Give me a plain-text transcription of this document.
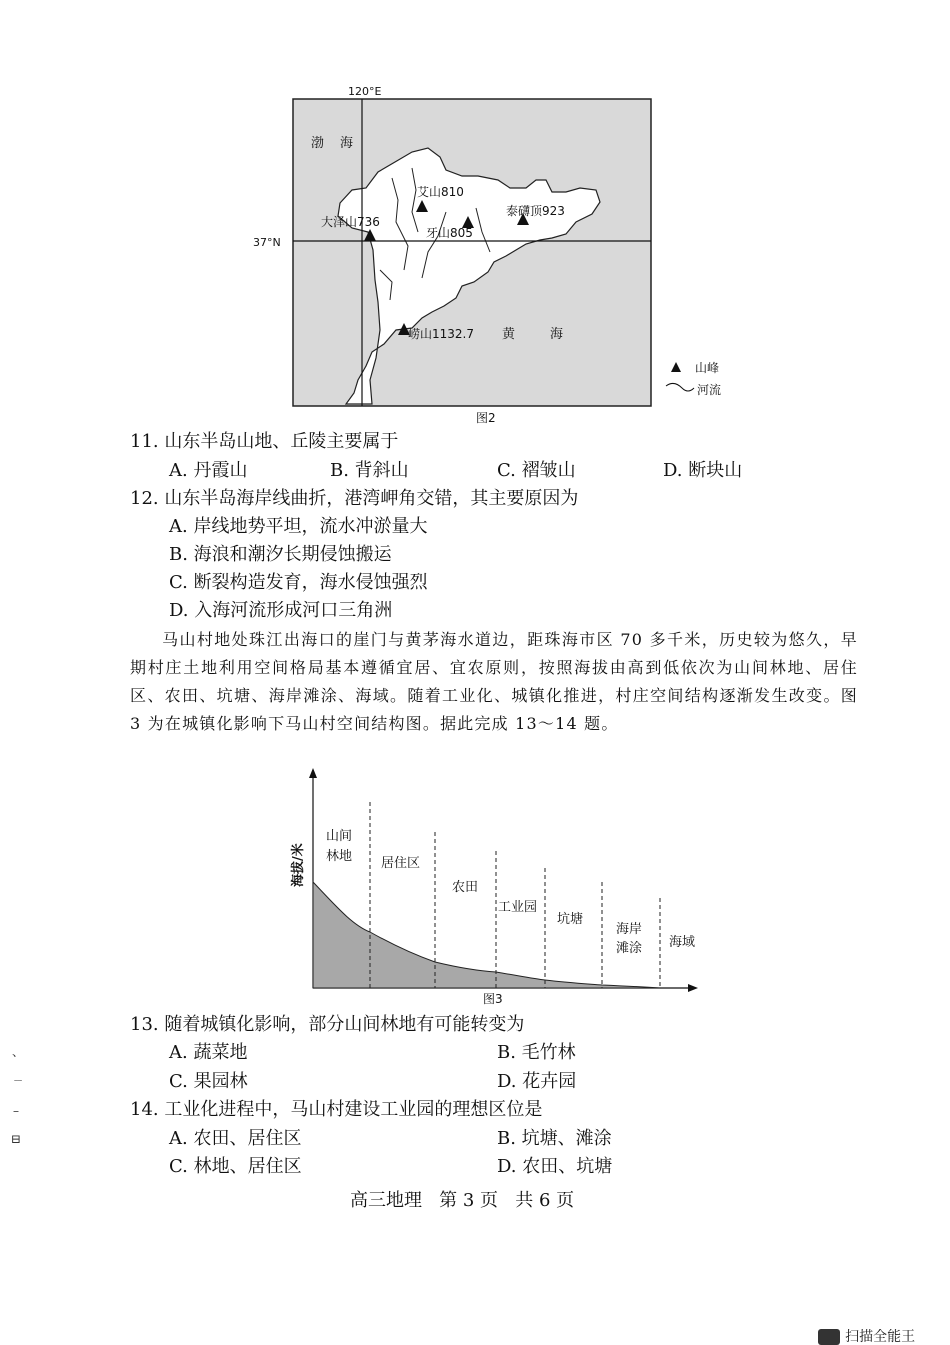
120°E
37°N
渤 海
黄	海
艾山810
大泽山736
牙山805
泰礴顶923
崂山1132.7
山峰
河流
图2
11. 山东半岛山地、丘陵主要属于
A. 丹霞山	B. 背斜山	C. 褶皱山	D. 断块山
12. 山东半岛海岸线曲折，港湾岬角交错，其主要原因为
A. 岸线地势平坦，流水冲淤量大
B. 海浪和潮汐长期侵蚀搬运
C. 断裂构造发育，海水侵蚀强烈
D. 入海河流形成河口三角洲
马山村地处珠江出海口的崖门与黄茅海水道边，距珠海市区 70 多千米，历史较为悠久，早期村庄土地利用空间格局基本遵循宜居、宜农原则，按照海拔由高到低依次为山间林地、居住区、农田、坑塘、海岸滩涂、海域。随着工业化、城镇化推进，村庄空间结构逐渐发生改变。图 3 为在城镇化影响下马山村空间结构图。据此完成 13～14 题。
海拔/米
山间
林地 居住区
农田
工业园
坑塘
海岸
滩涂 海域
图3
13. 随着城镇化影响，部分山间林地有可能转变为
A. 蔬菜地	B. 毛竹林
C. 果园林	D. 花卉园
14. 工业化进程中，马山村建设工业园的理想区位是
A. 农田、居住区	B. 坑塘、滩涂
C. 林地、居住区	D. 农田、坑塘
高三地理   第 3 页   共 6 页
、
ㄧ
–
⊟
扫描全能王
